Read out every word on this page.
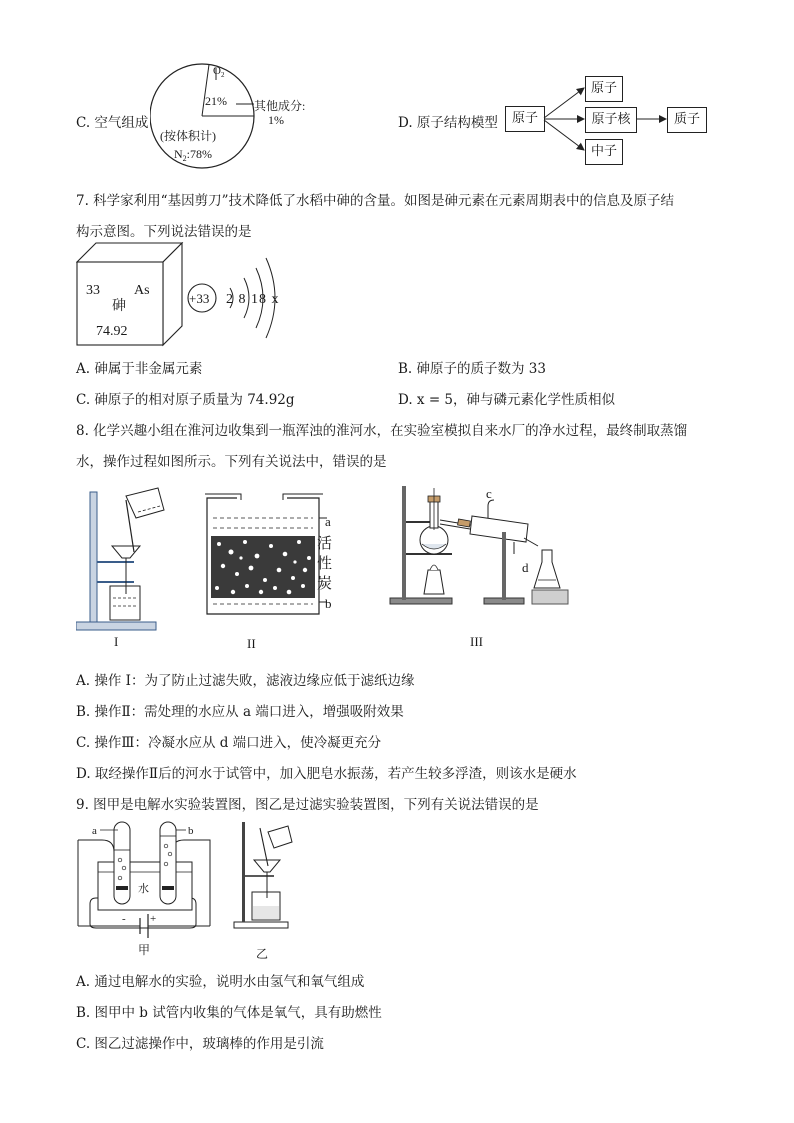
C. 空气组成
$O_2$
21% 其他成分:
1%
(按体积计)
$N_2:78\%$
D. 原子结构模型	原子
原子
原子核
中子
质子
7. 科学家利用“基因剪刀”技术降低了水稻中砷的含量。如图是砷元素在元素周期表中的信息及原子结
构示意图。下列说法错误的是
33 As
砷
74.92
+33 2 8 18 x
A. 砷属于非金属元素	B. 砷原子的质子数为 33
C. 砷原子的相对原子质量为 74.92g	D. x = 5，砷与磷元素化学性质相似
8. 化学兴趣小组在淮河边收集到一瓶浑浊的淮河水，在实验室模拟自来水厂的净水过程，最终制取蒸馏
水，操作过程如图所示。下列有关说法中，错误的是
I
a
活
性
炭
b
II
c
d
III
A. 操作 I：为了防止过滤失败，滤液边缘应低于滤纸边缘
B. 操作Ⅱ：需处理的水应从 a 端口进入，增强吸附效果
C. 操作Ⅲ：冷凝水应从 d 端口进入，使冷凝更充分
D. 取经操作Ⅱ后的河水于试管中，加入肥皂水振荡，若产生较多浮渣，则该水是硬水
9. 图甲是电解水实验装置图，图乙是过滤实验装置图，下列有关说法错误的是
a	b
水
- +
甲	乙
A. 通过电解水的实验，说明水由氢气和氧气组成
B. 图甲中 b 试管内收集的气体是氧气，具有助燃性
C. 图乙过滤操作中，玻璃棒的作用是引流
